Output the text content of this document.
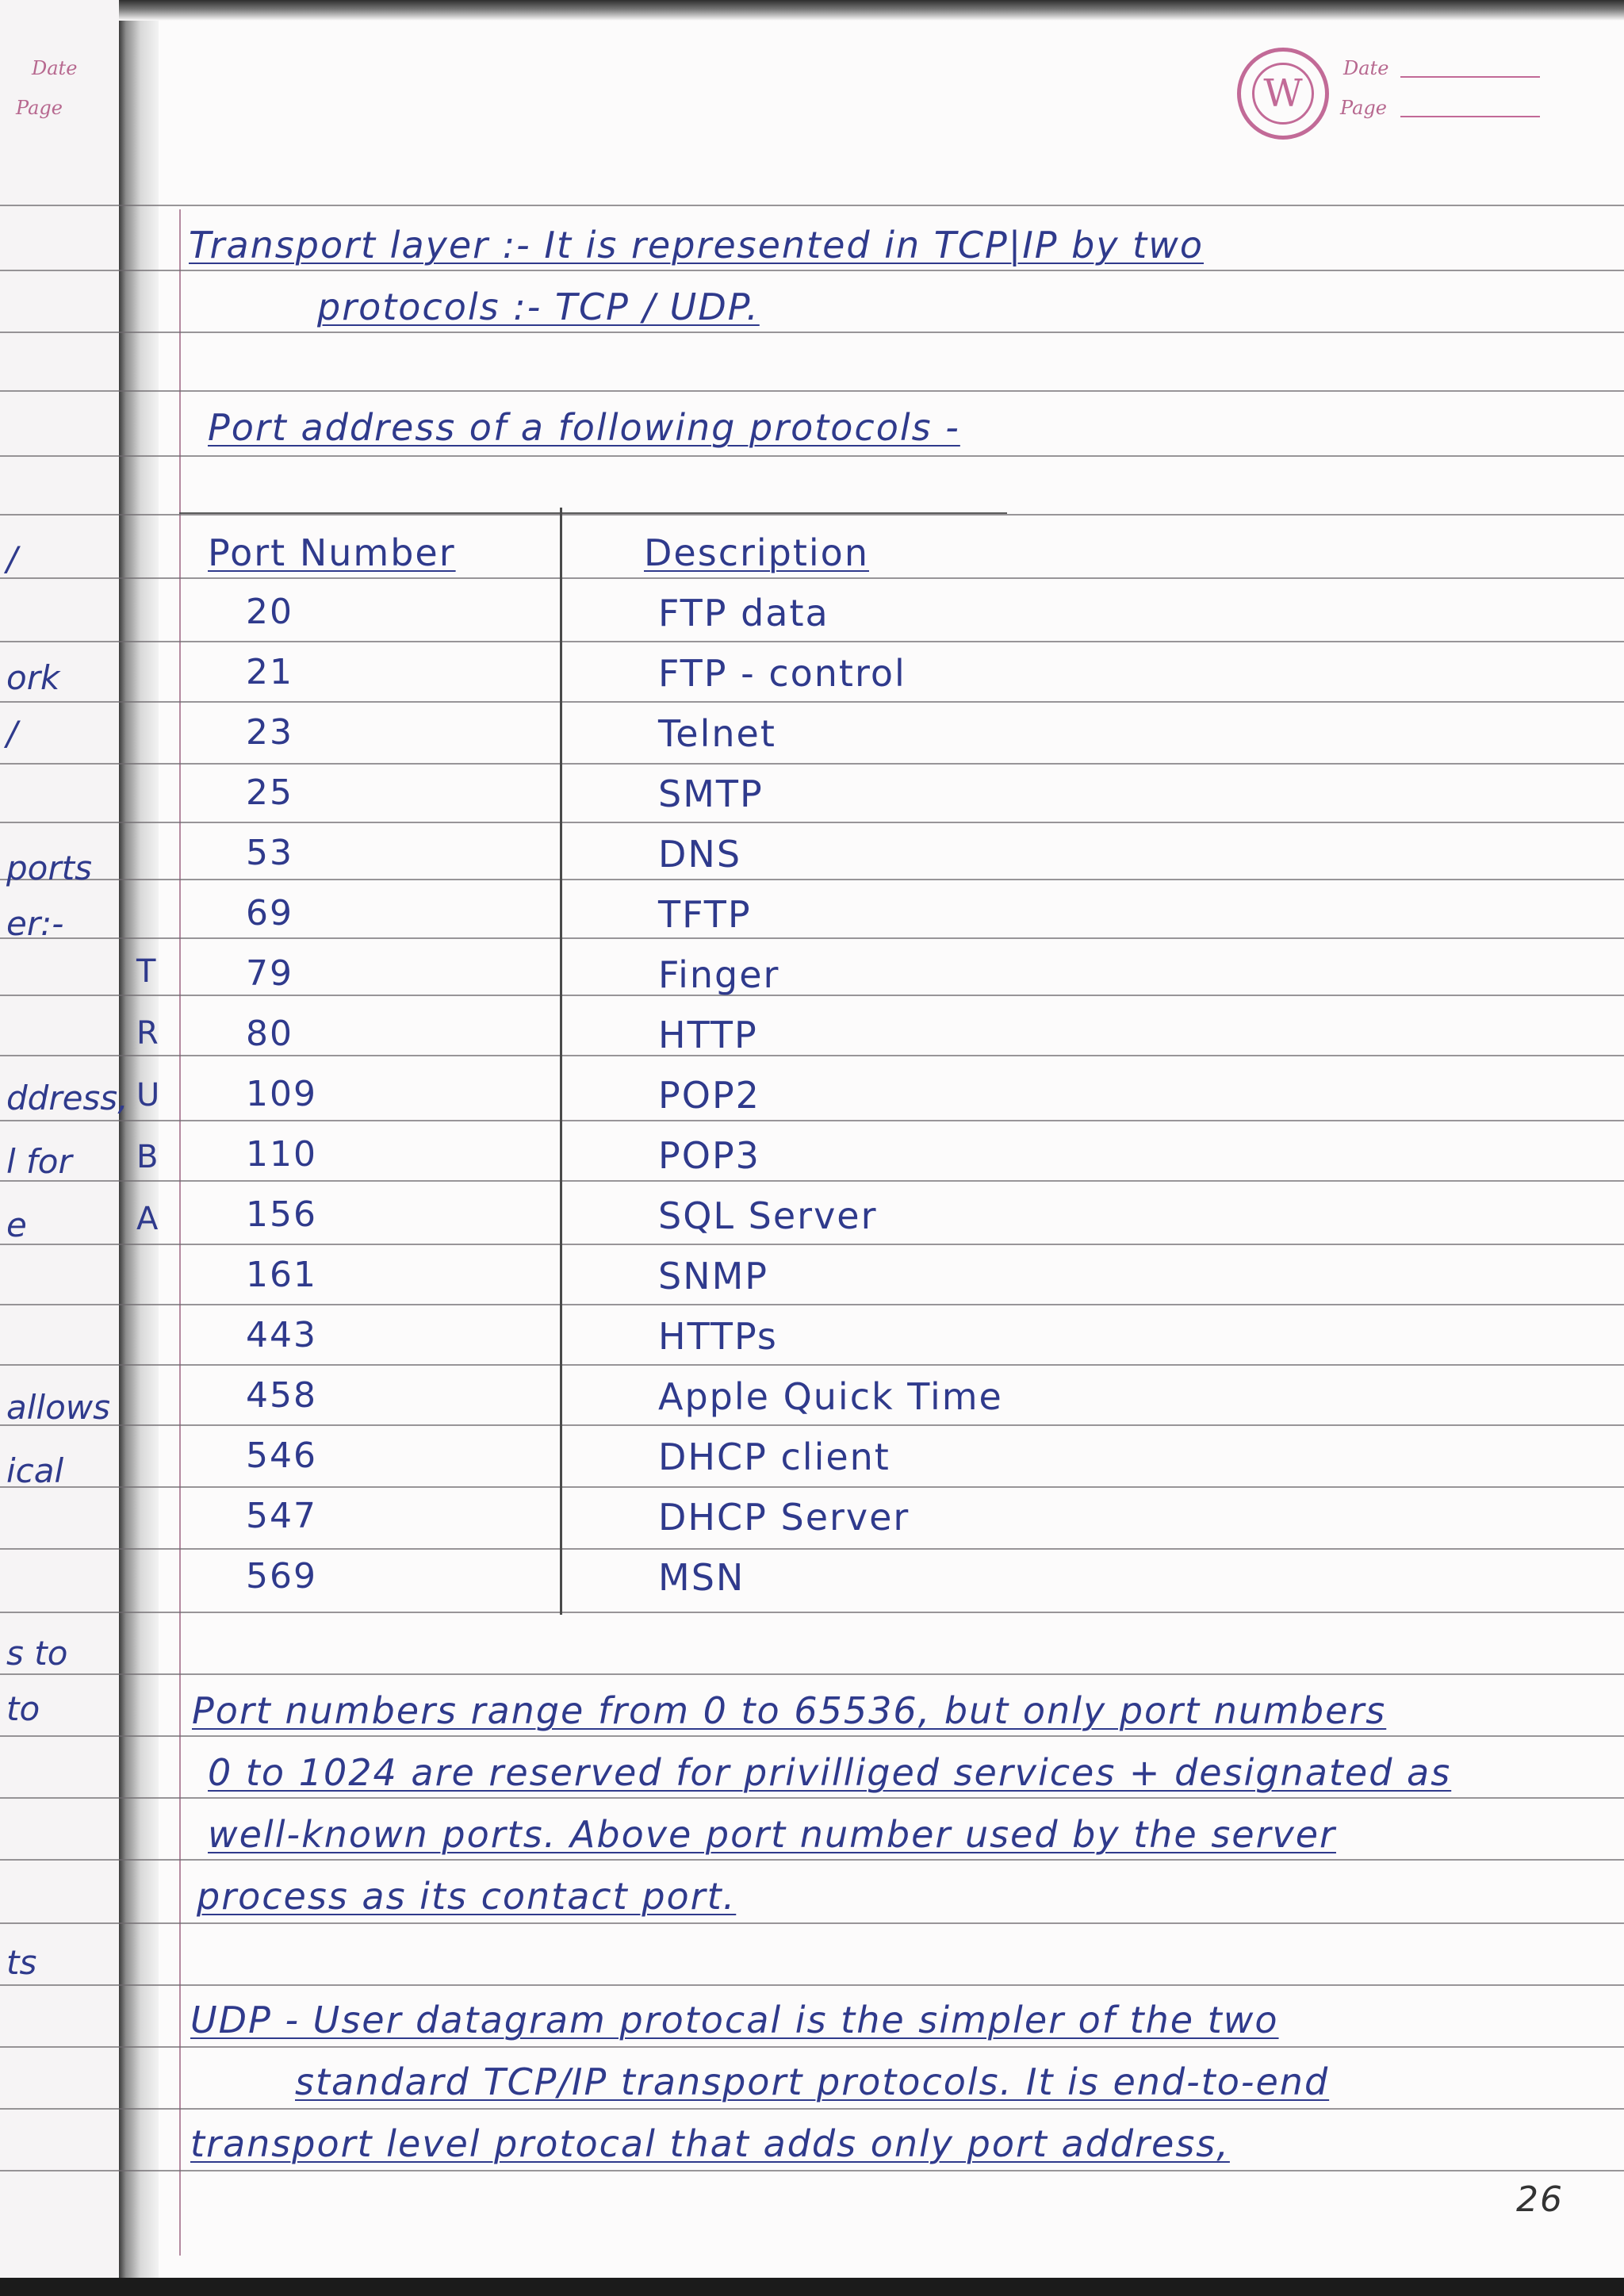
Date
Page	W
Date
Page
Transport layer :- It is represented in TCP|IP by two
protocols :- TCP / UDP.
Port address of a following protocols -
Port Number	Description
20	FTP data
21	FTP - control
23	Telnet
25	SMTP
53	DNS
69	TFTP
79	Finger
80	HTTP
109	POP2
110	POP3
156	SQL Server
161	SNMP
443	HTTPs
458	Apple Quick Time
546	DHCP client
547	DHCP Server
569	MSN
T
R
U
B
A
Port numbers range from 0 to 65536, but only port numbers
0 to 1024 are reserved for privilliged services + designated as
well-known ports. Above port number used by the server
process as its contact port.
UDP - User datagram protocal is the simpler of the two
standard TCP/IP transport protocols. It is end-to-end
transport level protocal that adds only port address,
26
/
ork
/
ports
er:-
ddress,
l for
e
allows
ical
s to
to
ts
